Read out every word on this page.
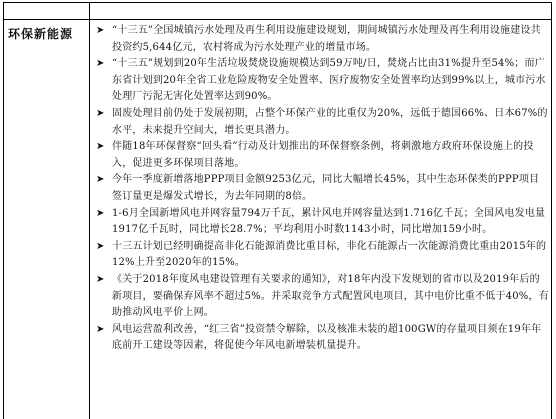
环保新能源 ➤ “十三五”全国城镇污水处理及再生利用设施建设规划，期间城镇污水处理及再生利用设施建设共投资约5,644亿元，农村将成为污水处理产业的增量市场。

➤ “十三五”规划到20年生活垃圾焚烧设施规模达到59万吨/日，焚烧占比由31%提升至54%；而广东省计划到20年全省工业危险废物安全处置率、医疗废物安全处置率均达到99%以上，城市污水处理厂污泥无害化处置率达到90%。

➤ 固废处理目前仍处于发展初期，占整个环保产业的比重仅为20%，远低于德国66%、日本67%的水平，未来提升空间大，增长更具潜力。

➤ 伴随18年环保督察“回头看”行动及计划推出的环保督察条例，将刺激地方政府环保设施上的投入，促进更多环保项目落地。

➤ 今年一季度新增落地PPP项目金额9253亿元，同比大幅增长45%，其中生态环保类的PPP项目签订量更是爆发式增长，为去年同期的8倍。

➤ 1-6月全国新增风电并网容量794万千瓦，累计风电并网容量达到1.716亿千瓦；全国风电发电量1917亿千瓦时，同比增长28.7%；平均利用小时数1143小时，同比增加159小时。

➤ 十三五计划已经明确提高非化石能源消费比重目标，非化石能源占一次能源消费比重由2015年的12%上升至2020年的15%。

➤ 《关于2018年度风电建设管理有关要求的通知》，对18年内没下发规划的省市以及2019年后的新项目，要确保弃风率不超过5%。并采取竞争方式配置风电项目，其中电价比重不低于40%，有助推动风电平价上网。

➤ 风电运营盈利改善，“红三省”投资禁令解除，以及核准未装的超100GW的存量项目须在19年年底前开工建设等因素，将促使今年风电新增装机量提升。
